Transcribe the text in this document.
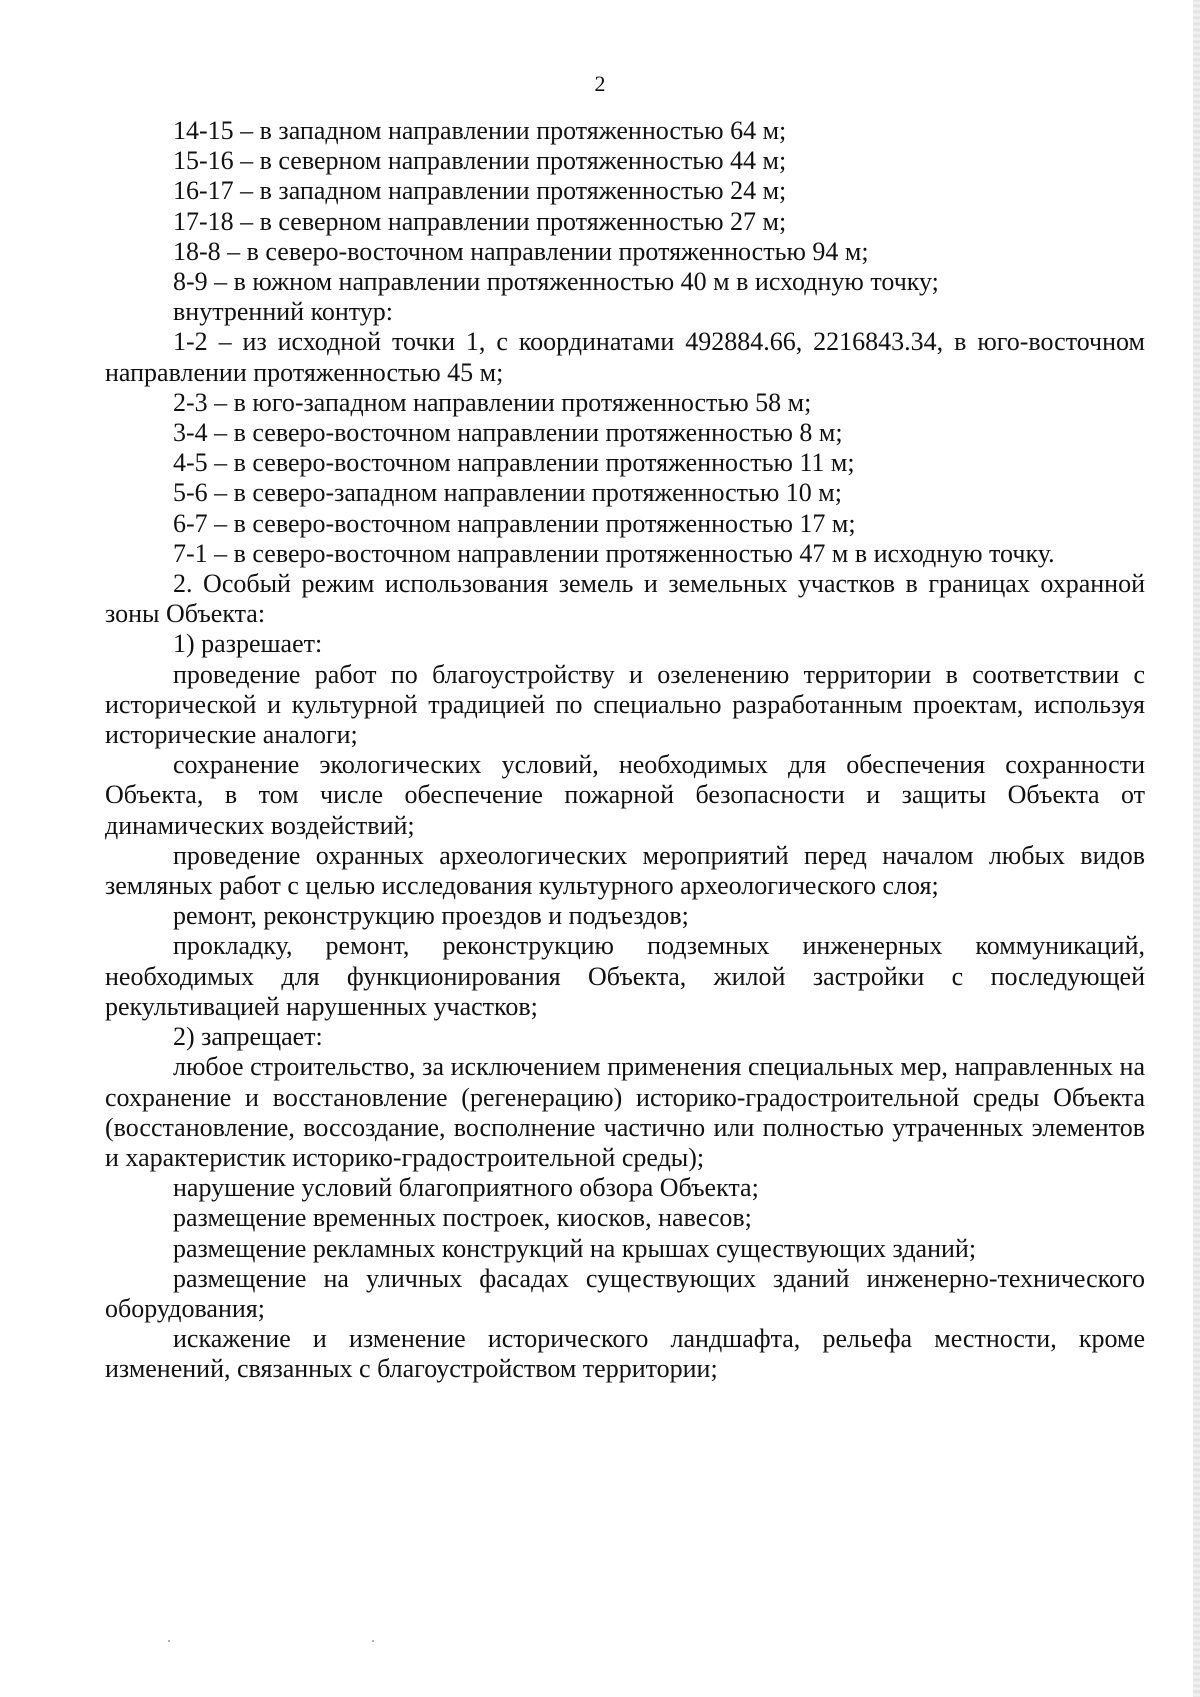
2

14-15 – в западном направлении протяженностью 64 м;

15-16 – в северном направлении протяженностью 44 м;

16-17 – в западном направлении протяженностью 24 м;

17-18 – в северном направлении протяженностью 27 м;

18-8 – в северо-восточном направлении протяженностью 94 м;

8-9 – в южном направлении протяженностью 40 м в исходную точку;

внутренний контур:

1-2 – из исходной точки 1, с координатами 492884.66, 2216843.34, в юго-восточном направлении протяженностью 45 м;

2-3 – в юго-западном направлении протяженностью 58 м;

3-4 – в северо-восточном направлении протяженностью 8 м;

4-5 – в северо-восточном направлении протяженностью 11 м;

5-6 – в северо-западном направлении протяженностью 10 м;

6-7 – в северо-восточном направлении протяженностью 17 м;

7-1 – в северо-восточном направлении протяженностью 47 м в исходную точку.

2. Особый режим использования земель и земельных участков в границах охранной зоны Объекта:

1) разрешает:

проведение работ по благоустройству и озеленению территории в соответствии с исторической и культурной традицией по специально разработанным проектам, используя исторические аналоги;

сохранение экологических условий, необходимых для обеспечения сохранности Объекта, в том числе обеспечение пожарной безопасности и защиты Объекта от динамических воздействий;

проведение охранных археологических мероприятий перед началом любых видов земляных работ с целью исследования культурного археологического слоя;

ремонт, реконструкцию проездов и подъездов;

прокладку, ремонт, реконструкцию подземных инженерных коммуникаций, необходимых для функционирования Объекта, жилой застройки с последующей рекультивацией нарушенных участков;

2) запрещает:

любое строительство, за исключением применения специальных мер, направленных на сохранение и восстановление (регенерацию) историко-градостроительной среды Объекта (восстановление, воссоздание, восполнение частично или полностью утраченных элементов и характеристик историко-градостроительной среды);

нарушение условий благоприятного обзора Объекта;

размещение временных построек, киосков, навесов;

размещение рекламных конструкций на крышах существующих зданий;

размещение на уличных фасадах существующих зданий инженерно-технического оборудования;

искажение и изменение исторического ландшафта, рельефа местности, кроме изменений, связанных с благоустройством территории;
